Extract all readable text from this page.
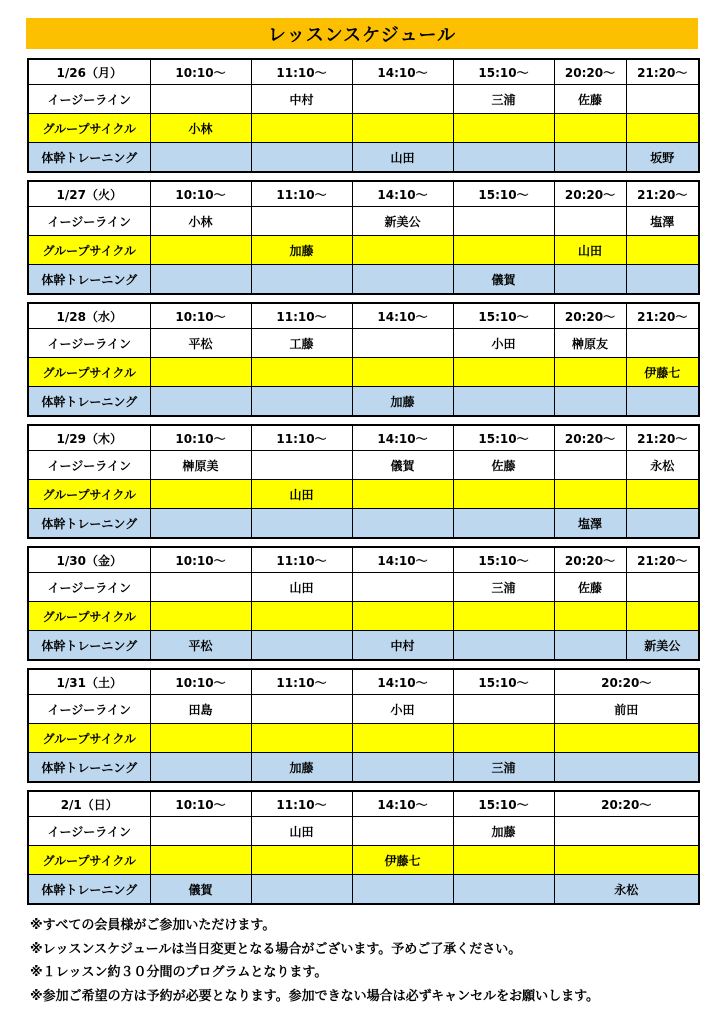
レッスンスケジュール
1/26（月）	10:10〜	11:10〜	14:10〜	15:10〜	20:20〜	21:20〜
イージーライン		中村		三浦	佐藤	
グループサイクル	小林					
体幹トレーニング			山田			坂野
1/27（火）	10:10〜	11:10〜	14:10〜	15:10〜	20:20〜	21:20〜
イージーライン	小林		新美公			塩澤
グループサイクル		加藤			山田	
体幹トレーニング				儀賀		
1/28（水）	10:10〜	11:10〜	14:10〜	15:10〜	20:20〜	21:20〜
イージーライン	平松	工藤		小田	榊原友	
グループサイクル						伊藤七
体幹トレーニング			加藤			
1/29（木）	10:10〜	11:10〜	14:10〜	15:10〜	20:20〜	21:20〜
イージーライン	榊原美		儀賀	佐藤		永松
グループサイクル		山田				
体幹トレーニング					塩澤	
1/30（金）	10:10〜	11:10〜	14:10〜	15:10〜	20:20〜	21:20〜
イージーライン		山田		三浦	佐藤	
グループサイクル						
体幹トレーニング	平松		中村			新美公
1/31（土）	10:10〜	11:10〜	14:10〜	15:10〜	20:20〜
イージーライン	田島		小田		前田
グループサイクル					
体幹トレーニング		加藤		三浦	
2/1（日）	10:10〜	11:10〜	14:10〜	15:10〜	20:20〜
イージーライン		山田		加藤	
グループサイクル			伊藤七		
体幹トレーニング	儀賀				永松
※すべての会員様がご参加いただけます。
※レッスンスケジュールは当日変更となる場合がございます。予めご了承ください。
※１レッスン約３０分間のプログラムとなります。
※参加ご希望の方は予約が必要となります。参加できない場合は必ずキャンセルをお願いします。
